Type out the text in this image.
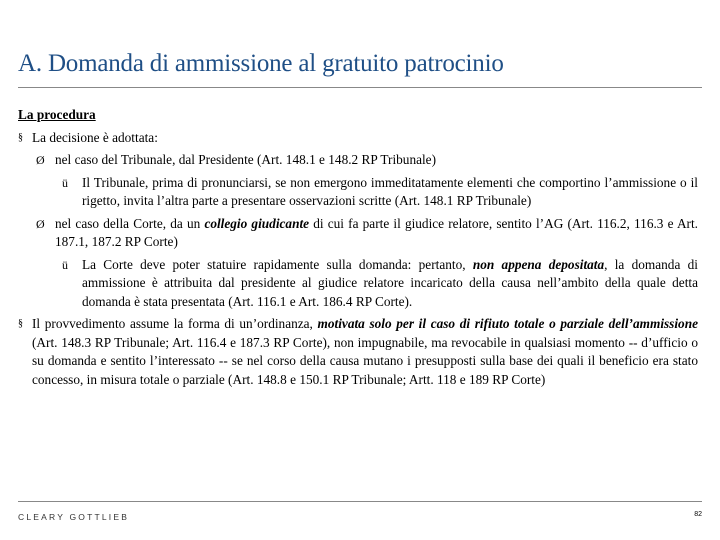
A. Domanda di ammissione al gratuito patrocinio
La procedura
§ La decisione è adottata:
Ø nel caso del Tribunale, dal Presidente (Art. 148.1 e 148.2 RP Tribunale)
ü Il Tribunale, prima di pronunciarsi, se non emergono immeditatamente elementi che comportino l’ammissione o il rigetto, invita l’altra parte a presentare osservazioni scritte (Art. 148.1 RP Tribunale)
Ø nel caso della Corte, da un collegio giudicante di cui fa parte il giudice relatore, sentito l’AG (Art. 116.2, 116.3 e Art. 187.1, 187.2 RP Corte)
ü La Corte deve poter statuire rapidamente sulla domanda: pertanto, non appena depositata, la domanda di ammissione è attribuita dal presidente al giudice relatore incaricato della causa nell’ambito della quale detta domanda è stata presentata (Art. 116.1 e Art. 186.4 RP Corte).
§ Il provvedimento assume la forma di un’ordinanza, motivata solo per il caso di rifiuto totale o parziale dell’ammissione (Art. 148.3 RP Tribunale; Art. 116.4 e 187.3 RP Corte), non impugnabile, ma revocabile in qualsiasi momento -- d’ufficio o su domanda e sentito l’interessato -- se nel corso della causa mutano i presupposti sulla base dei quali il beneficio era stato concesso, in misura totale o parziale (Art. 148.8 e 150.1 RP Tribunale; Artt. 118 e 189 RP Corte)
CLEARY GOTTLIEB	82
